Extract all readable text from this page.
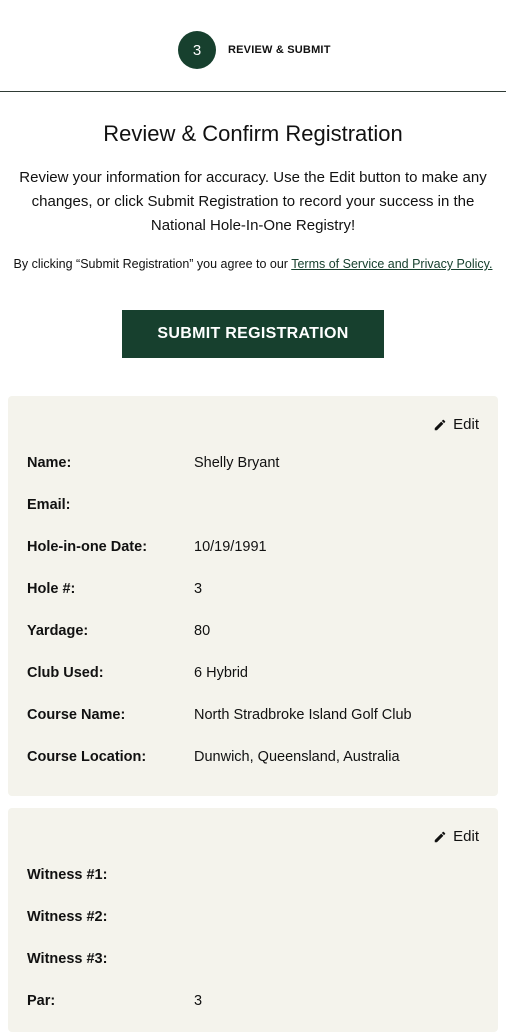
3	REVIEW & SUBMIT
Review & Confirm Registration

Review your information for accuracy. Use the Edit button to make any changes, or click Submit Registration to record your success in the National Hole-In-One Registry!

By clicking “Submit Registration” you agree to our Terms of Service and Privacy Policy.

SUBMIT REGISTRATION
Edit
Name:	Shelly Bryant
Email:
Hole-in-one Date:	10/19/1991
Hole #:	3
Yardage:	80
Club Used:	6 Hybrid
Course Name:	North Stradbroke Island Golf Club
Course Location:	Dunwich, Queensland, Australia
Edit
Witness #1:
Witness #2:
Witness #3:
Par:	3
